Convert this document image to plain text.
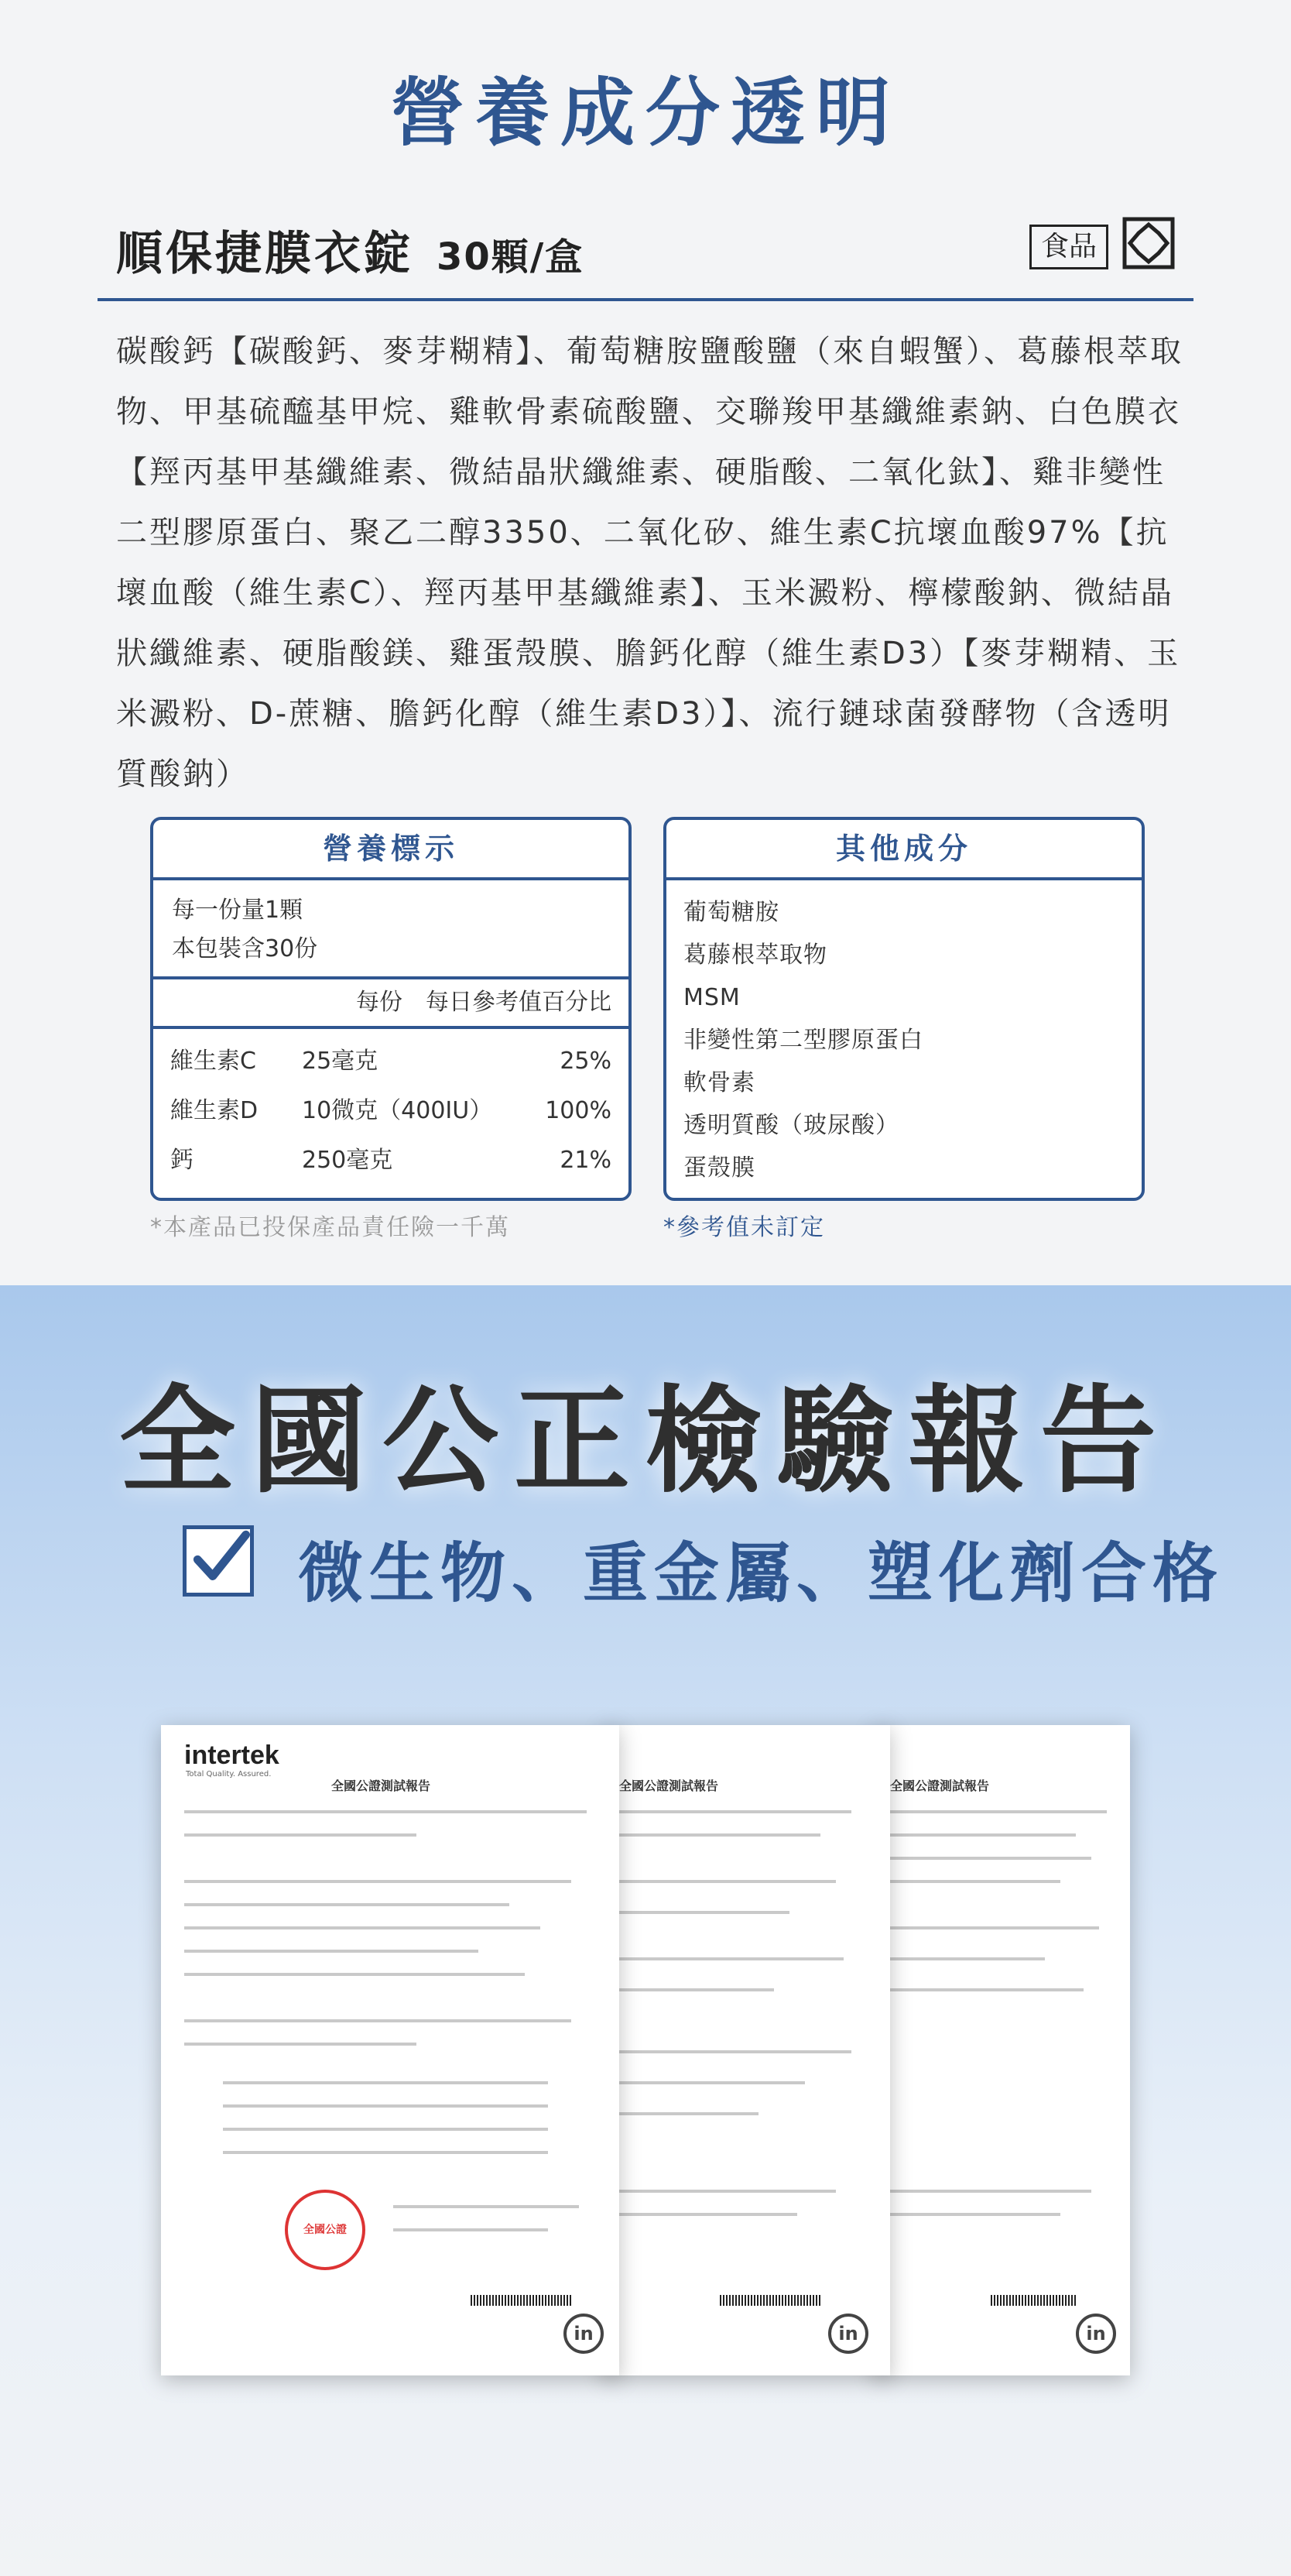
營養成分透明
順保捷膜衣錠 30顆/盒	食品
碳酸鈣【碳酸鈣、麥芽糊精】、葡萄糖胺鹽酸鹽（來自蝦蟹）、葛藤根萃取物、甲基硫醯基甲烷、雞軟骨素硫酸鹽、交聯羧甲基纖維素鈉、白色膜衣【羥丙基甲基纖維素、微結晶狀纖維素、硬脂酸、二氧化鈦】、雞非變性二型膠原蛋白、聚乙二醇3350、二氧化矽、維生素C抗壞血酸97%【抗壞血酸（維生素C）、羥丙基甲基纖維素】、玉米澱粉、檸檬酸鈉、微結晶狀纖維素、硬脂酸鎂、雞蛋殼膜、膽鈣化醇（維生素D3）【麥芽糊精、玉米澱粉、D-蔗糖、膽鈣化醇（維生素D3）】、流行鏈球菌發酵物（含透明質酸鈉）
營養標示
每一份量1顆
本包裝含30份
每份　每日參考值百分比
維生素C	25毫克	25%
維生素D	10微克（400IU）	100%
鈣	250毫克	21%
其他成分
葡萄糖胺
葛藤根萃取物
MSM
非變性第二型膠原蛋白
軟骨素
透明質酸（玻尿酸）
蛋殼膜
*本產品已投保產品責任險一千萬	*參考值未訂定
全國公正檢驗報告
微生物、重金屬、塑化劑合格
全國公證測試報告
in
全國公證測試報告
in
intertek
Total Quality. Assured.
全國公證測試報告
全國公證
in
